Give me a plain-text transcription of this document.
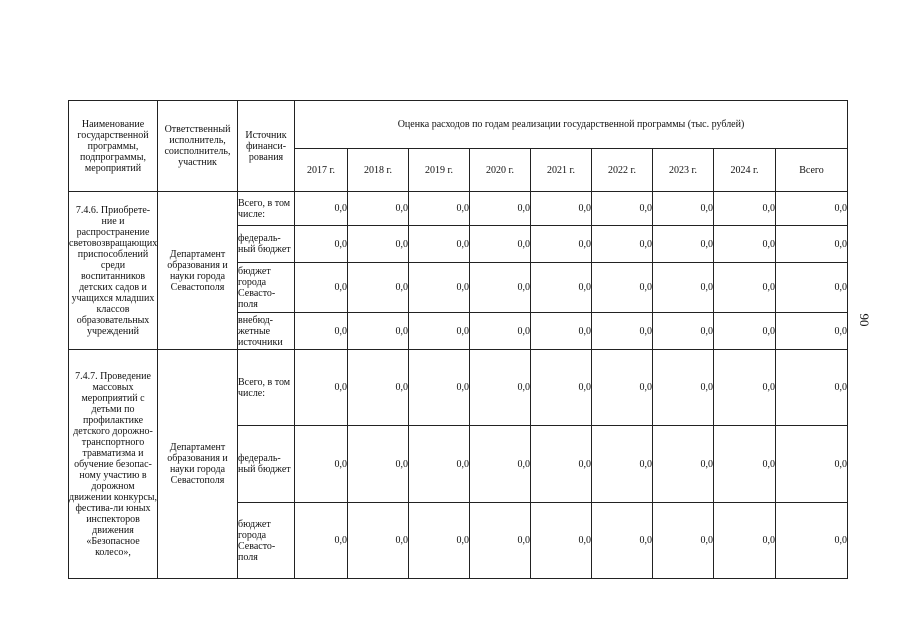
Наименование государственной программы, подпрограммы, мероприятий	Ответственный исполнитель, соисполнитель, участник	Источник финанси-рования	Оценка расходов по годам реализации государственной программы (тыс. рублей)								
			2017 г.	2018 г.	2019 г.	2020 г.	2021 г.	2022 г.	2023 г.	2024 г.	Всего
7.4.6. Приобрете-ние и распространение световозвращающих приспособлений среди воспитанников детских садов и учащихся младших классов образовательных учреждений	Департамент образования и науки города Севастополя	Всего, в том числе:	0,0	0,0	0,0	0,0	0,0	0,0	0,0	0,0	0,0
		федераль-ный бюджет	0,0	0,0	0,0	0,0	0,0	0,0	0,0	0,0	0,0
		бюджет города Севасто-поля	0,0	0,0	0,0	0,0	0,0	0,0	0,0	0,0	0,0
		внебюд-жетные источники	0,0	0,0	0,0	0,0	0,0	0,0	0,0	0,0	0,0
7.4.7. Проведение массовых мероприятий с детьми по профилактике детского дорожно-транспортного травматизма и обучение безопас-ному участию в дорожном движении конкурсы, фестива-ли юных инспекторов движения «Безопасное колесо»,	Департамент образования и науки города Севастополя	Всего, в том числе:	0,0	0,0	0,0	0,0	0,0	0,0	0,0	0,0	0,0
		федераль-ный бюджет	0,0	0,0	0,0	0,0	0,0	0,0	0,0	0,0	0,0
		бюджет города Севасто-поля	0,0	0,0	0,0	0,0	0,0	0,0	0,0	0,0	0,0
90
